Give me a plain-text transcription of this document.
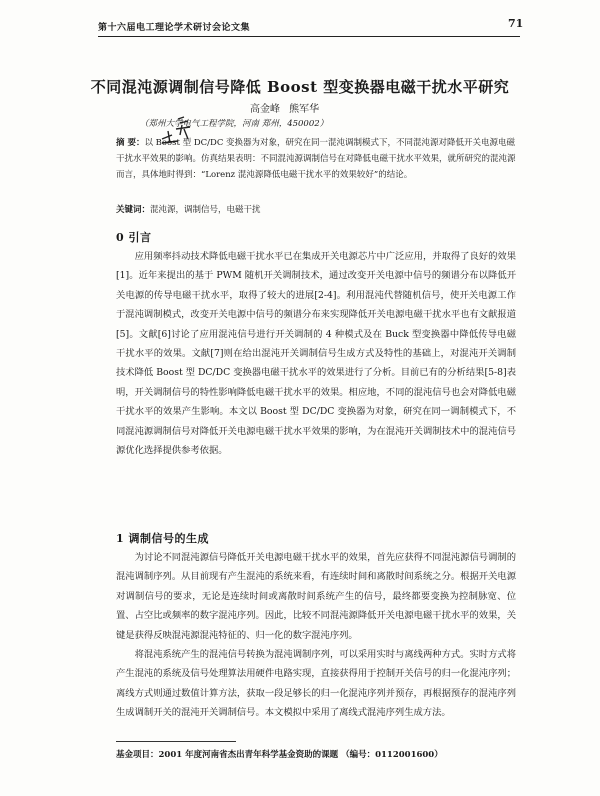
第十六届电工理论学术研讨会论文集	71
不同混沌源调制信号降低 Boost 型变换器电磁干扰水平研究
高金峰 熊军华
（郑州大学电气工程学院，河南 郑州，450002）
摘 要：以 Boost 型 DC/DC 变换器为对象，研究在同一混沌调制模式下，不同混沌源对降低开关电源电磁干扰水平效果的影响。仿真结果表明：不同混沌源调制信号在对降低电磁干扰水平效果，就所研究的混沌源而言，具体地时得到：“Lorenz 混沌源降低电磁干扰水平的效果较好”的结论。
关键词：混沌源，调制信号，电磁干扰
0 引言
应用频率抖动技术降低电磁干扰水平已在集成开关电源芯片中广泛应用，并取得了良好的效果[1]。近年来提出的基于 PWM 随机开关调制技术，通过改变开关电源中信号的频谱分布以降低开关电源的传导电磁干扰水平，取得了较大的进展[2-4]。利用混沌代替随机信号，使开关电源工作于混沌调制模式，改变开关电源中信号的频谱分布来实现降低开关电源电磁干扰水平也有文献报道[5]。文献[6]讨论了应用混沌信号进行开关调制的 4 种模式及在 Buck 型变换器中降低传导电磁干扰水平的效果。文献[7]则在给出混沌开关调制信号生成方式及特性的基础上，对混沌开关调制技术降低 Boost 型 DC/DC 变换器电磁干扰水平的效果进行了分析。目前已有的分析结果[5-8]表明，开关调制信号的特性影响降低电磁干扰水平的效果。相应地，不同的混沌信号也会对降低电磁干扰水平的效果产生影响。本文以 Boost 型 DC/DC 变换器为对象，研究在同一调制模式下，不同混沌源调制信号对降低开关电源电磁干扰水平效果的影响，为在混沌开关调制技术中的混沌信号源优化选择提供参考依据。
1 调制信号的生成
为讨论不同混沌源信号降低开关电源电磁干扰水平的效果，首先应获得不同混沌源信号调制的混沌调制序列。从目前现有产生混沌的系统来看，有连续时间和离散时间系统之分。根据开关电源对调制信号的要求，无论是连续时间或离散时间系统产生的信号，最终都要变换为控制脉宽、位置、占空比或频率的数字混沌序列。因此，比较不同混沌源降低开关电源电磁干扰水平的效果，关键是获得反映混沌源混沌特征的、归一化的数字混沌序列。
将混沌系统产生的混沌信号转换为混沌调制序列，可以采用实时与离线两种方式。实时方式将产生混沌的系统及信号处理算法用硬件电路实现，直接获得用于控制开关信号的归一化混沌序列；离线方式则通过数值计算方法，获取一段足够长的归一化混沌序列并预存，再根据预存的混沌序列生成调制开关的混沌开关调制信号。本文模拟中采用了离线式混沌序列生成方法。
基金项目：2001 年度河南省杰出青年科学基金资助的课题 （编号：0112001600）
